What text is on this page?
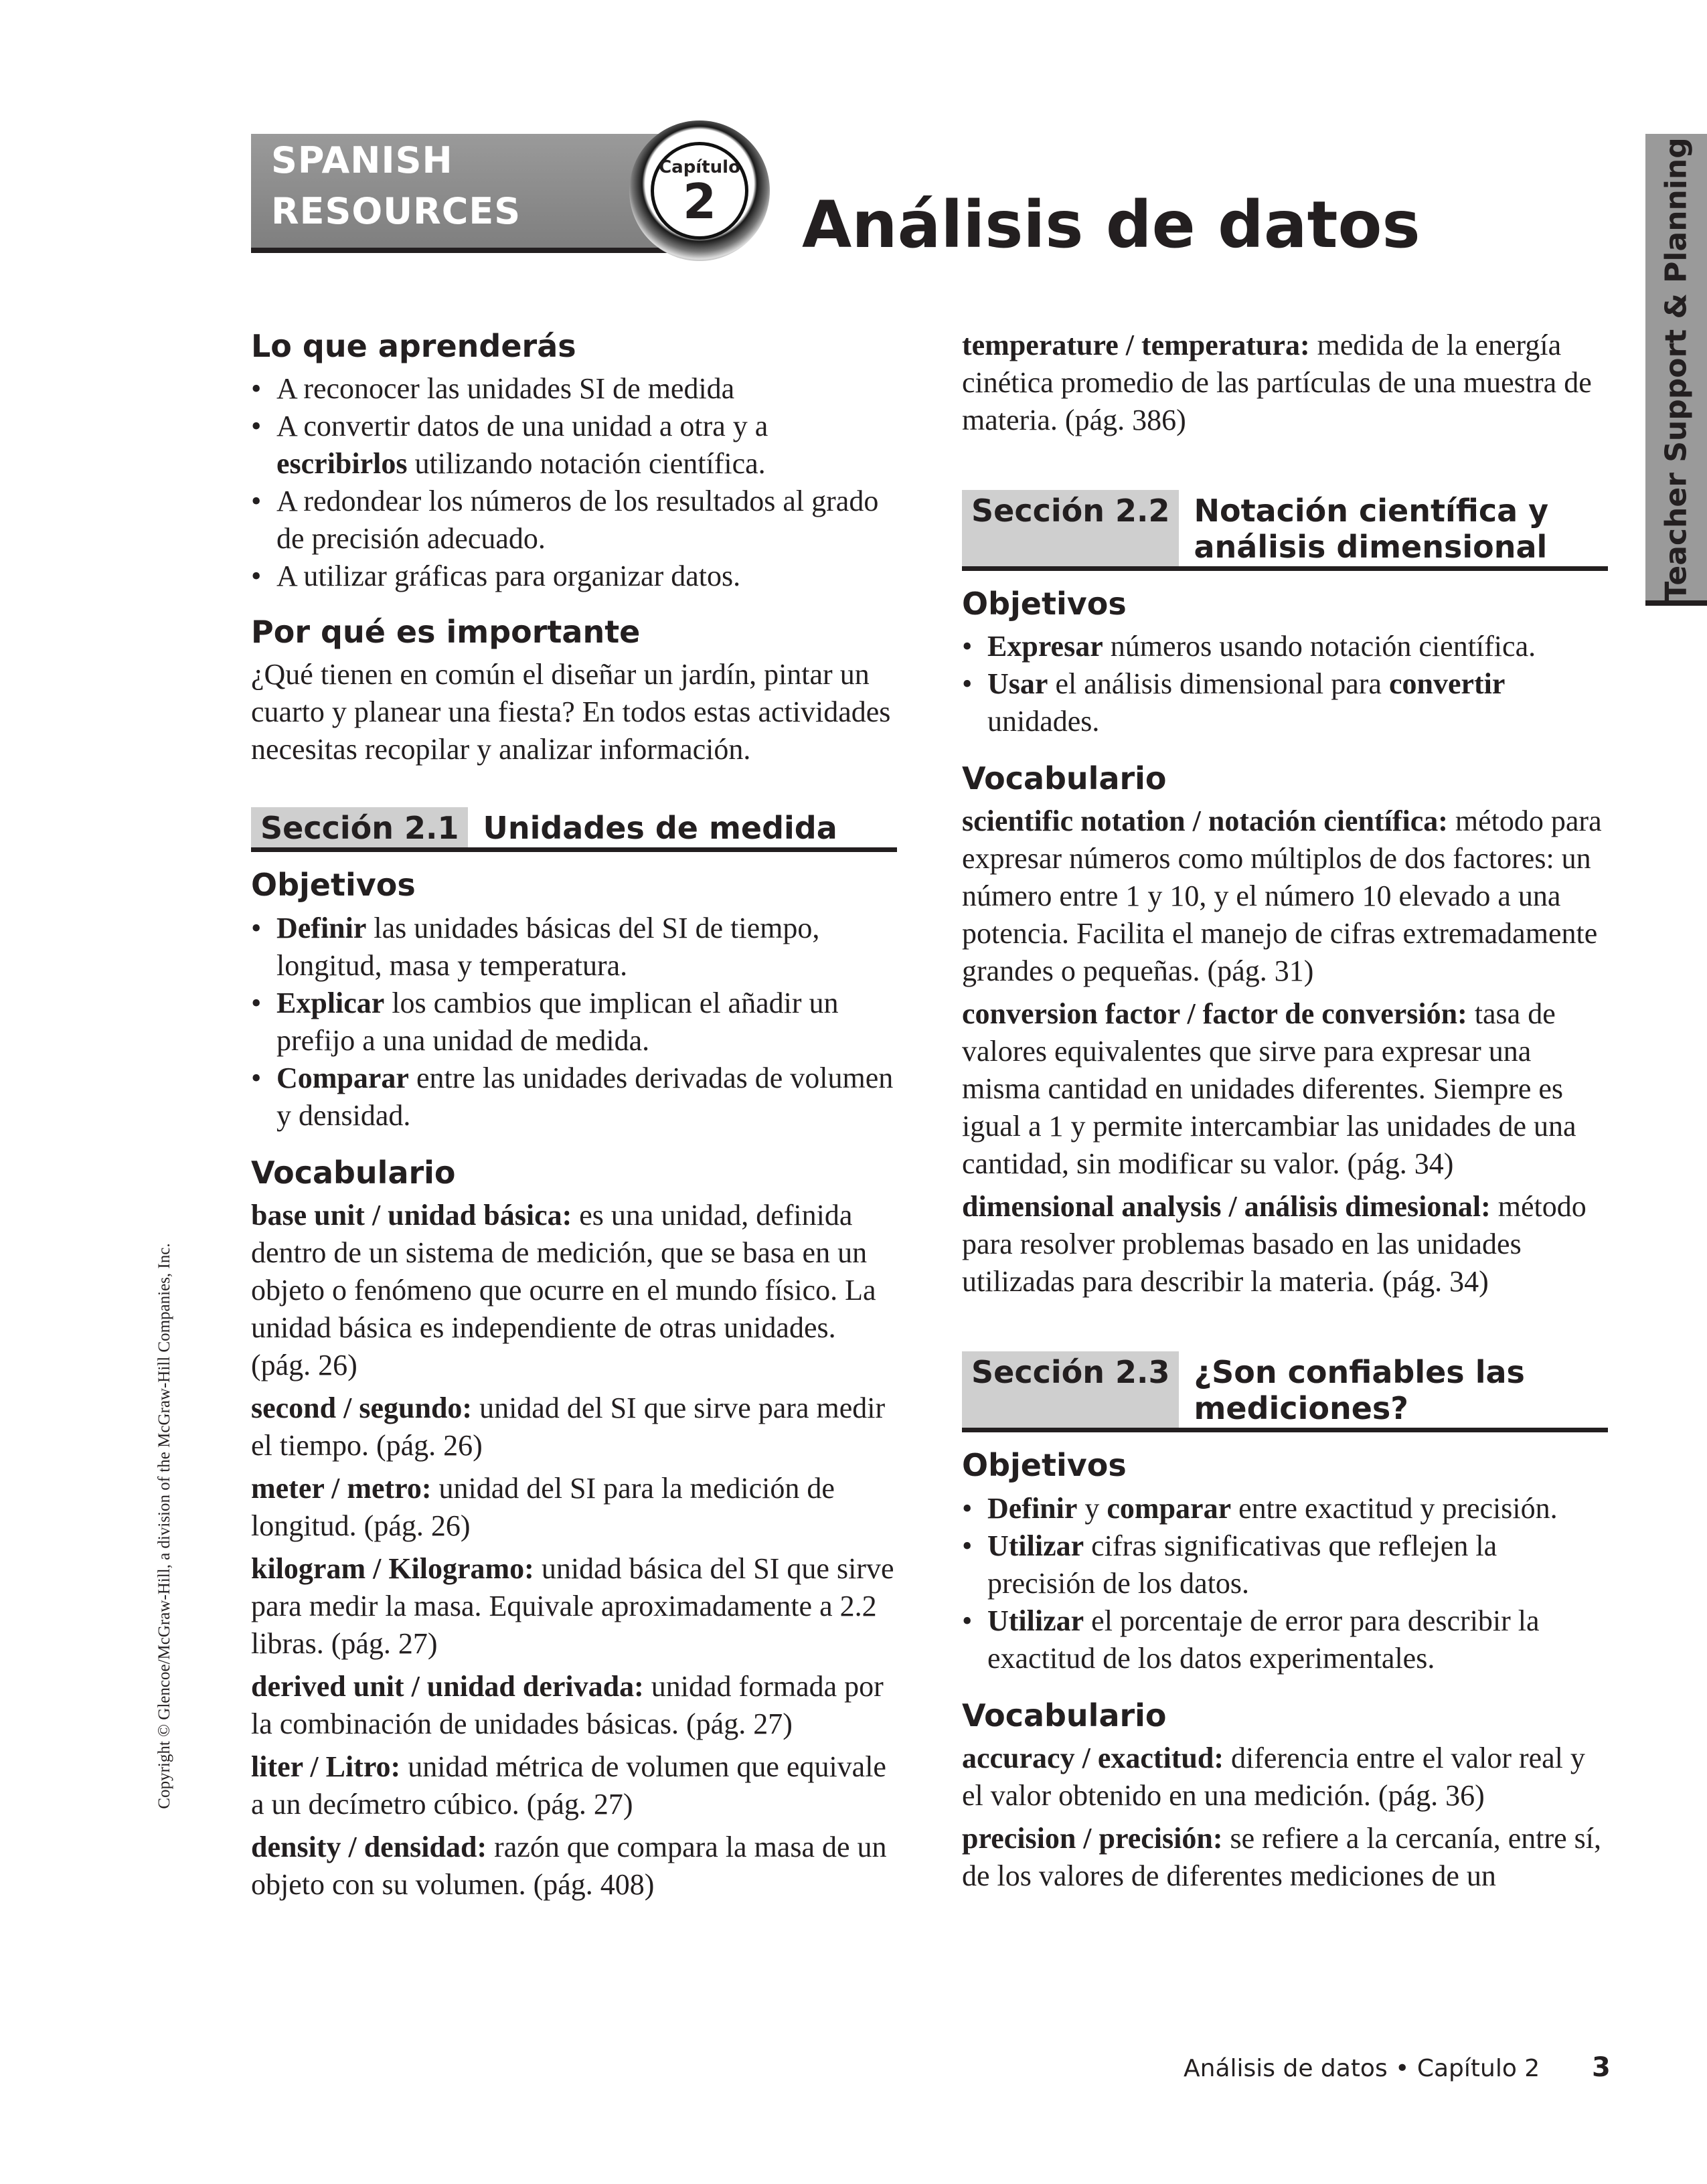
SPANISH
RESOURCES
Capítulo
2	Análisis de datos	Teacher Support & Planning
Copyright © Glencoe/McGraw-Hill, a division of the McGraw-Hill Companies, Inc.
Lo que aprenderás
• A reconocer las unidades SI de medida
• A convertir datos de una unidad a otra y a escribirlos utilizando notación científica.
• A redondear los números de los resultados al grado de precisión adecuado.
• A utilizar gráficas para organizar datos.
Por qué es importante

¿Qué tienen en común el diseñar un jardín, pintar un cuarto y planear una fiesta? En todos estas actividades necesitas recopilar y analizar información.

Sección 2.1 Unidades de medida
Objetivos
• Definir las unidades básicas del SI de tiempo, longitud, masa y temperatura.
• Explicar los cambios que implican el añadir un prefijo a una unidad de medida.
• Comparar entre las unidades derivadas de volumen y densidad.
Vocabulario

base unit / unidad básica: es una unidad, definida dentro de un sistema de medición, que se basa en un objeto o fenómeno que ocurre en el mundo físico. La unidad básica es independiente de otras unidades. (pág. 26)

second / segundo: unidad del SI que sirve para medir el tiempo. (pág. 26)

meter / metro: unidad del SI para la medición de longitud. (pág. 26)

kilogram / Kilogramo: unidad básica del SI que sirve para medir la masa. Equivale aproximadamente a 2.2 libras. (pág. 27)

derived unit / unidad derivada: unidad formada por la combinación de unidades básicas. (pág. 27)

liter / Litro: unidad métrica de volumen que equivale a un decímetro cúbico. (pág. 27)

density / densidad: razón que compara la masa de un objeto con su volumen. (pág. 408)

temperature / temperatura: medida de la energía cinética promedio de las partículas de una muestra de materia. (pág. 386)

Sección 2.2 Notación científica y análisis dimensional
Objetivos
• Expresar números usando notación científica.
• Usar el análisis dimensional para convertir unidades.
Vocabulario

scientific notation / notación científica: método para expresar números como múltiplos de dos factores: un número entre 1 y 10, y el número 10 elevado a una potencia. Facilita el manejo de cifras extremadamente grandes o pequeñas. (pág. 31)

conversion factor / factor de conversión: tasa de valores equivalentes que sirve para expresar una misma cantidad en unidades diferentes. Siempre es igual a 1 y permite intercambiar las unidades de una cantidad, sin modificar su valor. (pág. 34)

dimensional analysis / análisis dimesional: método para resolver problemas basado en las unidades utilizadas para describir la materia. (pág. 34)

Sección 2.3 ¿Son confiables las mediciones?
Objetivos
• Definir y comparar entre exactitud y precisión.
• Utilizar cifras significativas que reflejen la precisión de los datos.
• Utilizar el porcentaje de error para describir la exactitud de los datos experimentales.
Vocabulario

accuracy / exactitud: diferencia entre el valor real y el valor obtenido en una medición. (pág. 36)

precision / precisión: se refiere a la cercanía, entre sí, de los valores de diferentes mediciones de un

Análisis de datos • Capítulo 2 3
